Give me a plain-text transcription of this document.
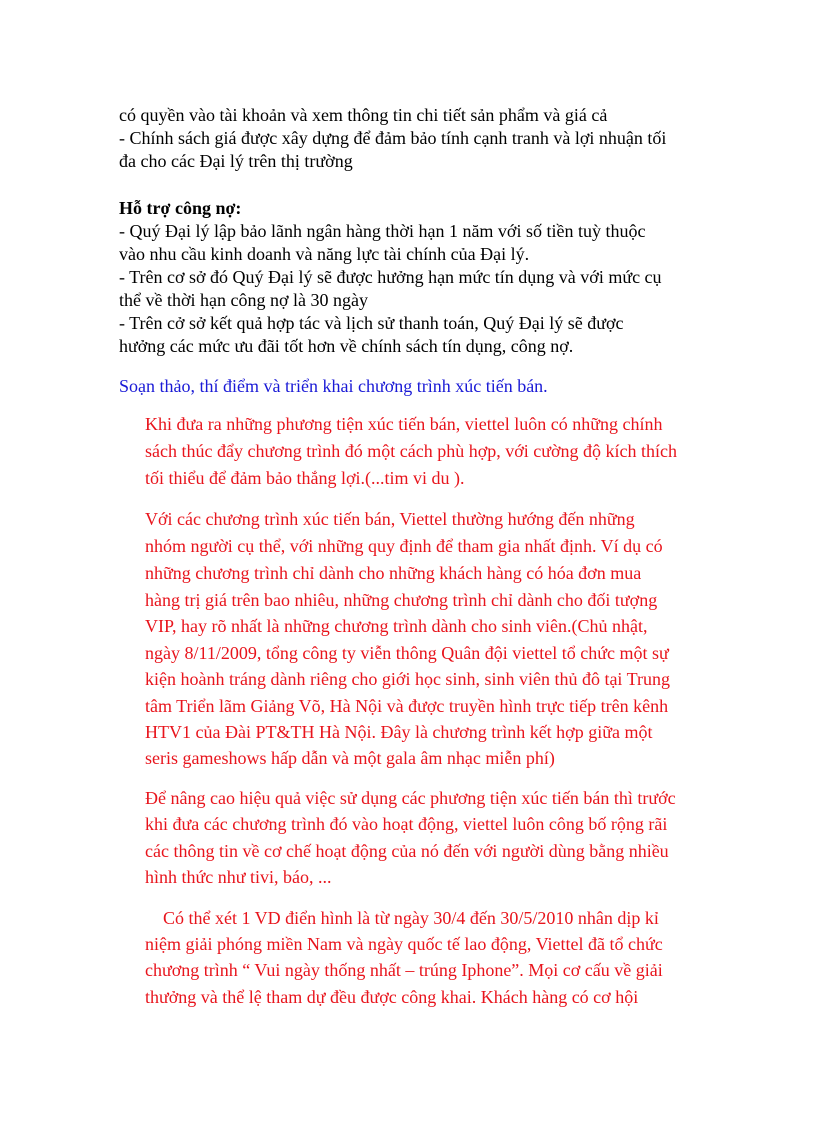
có quyền vào tài khoản và xem thông tin chi tiết sản phẩm và giá cả
- Chính sách giá được xây dựng để đảm bảo tính cạnh tranh và lợi nhuận tối
đa cho các Đại lý trên thị trường
Hỗ trợ công nợ:
- Quý Đại lý lập bảo lãnh ngân hàng thời hạn 1 năm với số tiền tuỳ thuộc
vào nhu cầu kinh doanh và năng lực tài chính của Đại lý.
- Trên cơ sở đó Quý Đại lý sẽ được hưởng hạn mức tín dụng và với mức cụ
thể về thời hạn công nợ là 30 ngày
- Trên cở sở kết quả hợp tác và lịch sử thanh toán, Quý Đại lý sẽ được
hưởng các mức ưu đãi tốt hơn về chính sách tín dụng, công nợ.
Soạn thảo, thí điểm và triển khai chương trình xúc tiến bán.
Khi đưa ra những phương tiện xúc tiến bán, viettel luôn có những chính
sách thúc đẩy chương trình đó một cách phù hợp, với cường độ kích thích
tối thiểu để đảm bảo thắng lợi.(...tim vi du ).
Với các chương trình xúc tiến bán, Viettel thường hướng đến những
nhóm người cụ thể, với những quy định để tham gia nhất định. Ví dụ có
những chương trình chỉ dành cho những khách hàng có hóa đơn mua
hàng trị giá trên bao nhiêu, những chương trình chỉ dành cho đối tượng
VIP, hay rõ nhất là những chương trình dành cho sinh viên.(Chủ nhật,
ngày 8/11/2009, tổng công ty viễn thông Quân đội viettel tổ chức một sự
kiện hoành tráng dành riêng cho giới học sinh, sinh viên thủ đô tại Trung
tâm Triển lãm Giảng Võ, Hà Nội và được truyền hình trực tiếp trên kênh
HTV1 của Đài PT&TH Hà Nội. Đây là chương trình kết hợp giữa một
seris gameshows hấp dẫn và một gala âm nhạc miễn phí)
Để nâng cao hiệu quả việc sử dụng các phương tiện xúc tiến bán thì trước
khi đưa các chương trình đó vào hoạt động, viettel luôn công bố rộng rãi
các thông tin về cơ chế hoạt động của nó đến với người dùng bằng nhiều
hình thức như tivi, báo, ...
Có thể xét 1 VD điển hình là từ ngày 30/4 đến 30/5/2010 nhân dịp kỉ
niệm giải phóng miền Nam và ngày quốc tế lao động, Viettel đã tổ chức
chương trình “ Vui ngày thống nhất – trúng Iphone”. Mọi cơ cấu về giải
thưởng và thể lệ tham dự đều được công khai. Khách hàng có cơ hội
